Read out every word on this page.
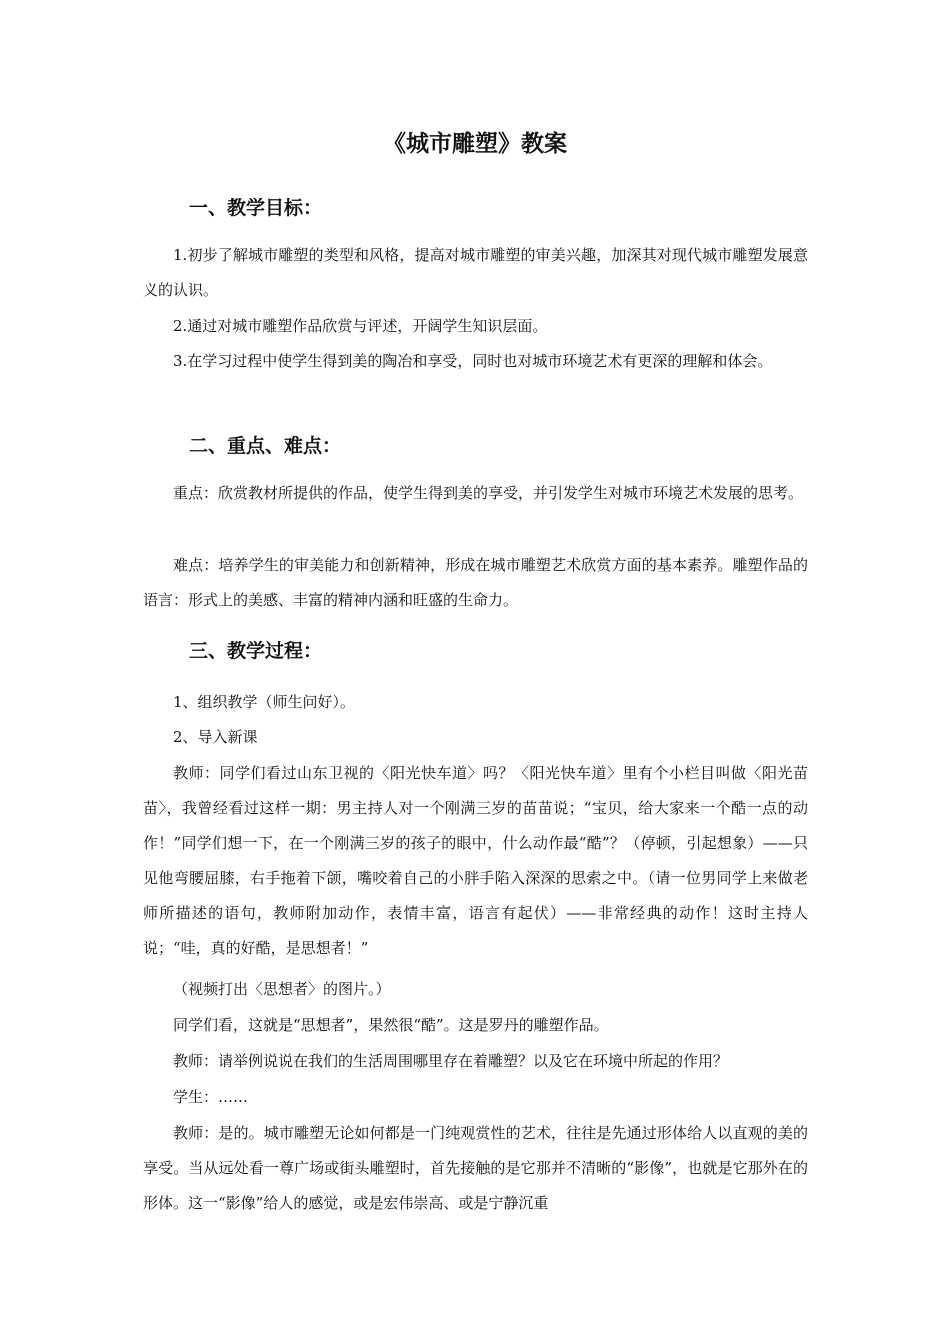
《城市雕塑》教案
一、教学目标：

1.初步了解城市雕塑的类型和风格，提高对城市雕塑的审美兴趣，加深其对现代城市雕塑发展意义的认识。

2.通过对城市雕塑作品欣赏与评述，开阔学生知识层面。

3.在学习过程中使学生得到美的陶冶和享受，同时也对城市环境艺术有更深的理解和体会。

二、重点、难点：

重点：欣赏教材所提供的作品，使学生得到美的享受，并引发学生对城市环境艺术发展的思考。

难点：培养学生的审美能力和创新精神，形成在城市雕塑艺术欣赏方面的基本素养。雕塑作品的语言：形式上的美感、丰富的精神内涵和旺盛的生命力。

三、教学过程：

1、组织教学（师生问好）。

2、导入新课

教师：同学们看过山东卫视的〈阳光快车道〉吗？〈阳光快车道〉里有个小栏目叫做〈阳光苗苗〉，我曾经看过这样一期：男主持人对一个刚满三岁的苗苗说；“宝贝，给大家来一个酷一点的动作！”同学们想一下，在一个刚满三岁的孩子的眼中，什么动作最“酷”？（停顿，引起想象）——只见他弯腰屈膝，右手拖着下颌，嘴咬着自己的小胖手陷入深深的思索之中。（请一位男同学上来做老师所描述的语句，教师附加动作，表情丰富，语言有起伏）——非常经典的动作！这时主持人说；“哇，真的好酷，是思想者！”

（视频打出〈思想者〉的图片。）

同学们看，这就是“思想者”，果然很“酷”。这是罗丹的雕塑作品。

教师：请举例说说在我们的生活周围哪里存在着雕塑？以及它在环境中所起的作用？

学生：……

教师：是的。城市雕塑无论如何都是一门纯观赏性的艺术，往往是先通过形体给人以直观的美的享受。当从远处看一尊广场或街头雕塑时，首先接触的是它那并不清晰的“影像”，也就是它那外在的形体。这一“影像”给人的感觉，或是宏伟崇高、或是宁静沉重
